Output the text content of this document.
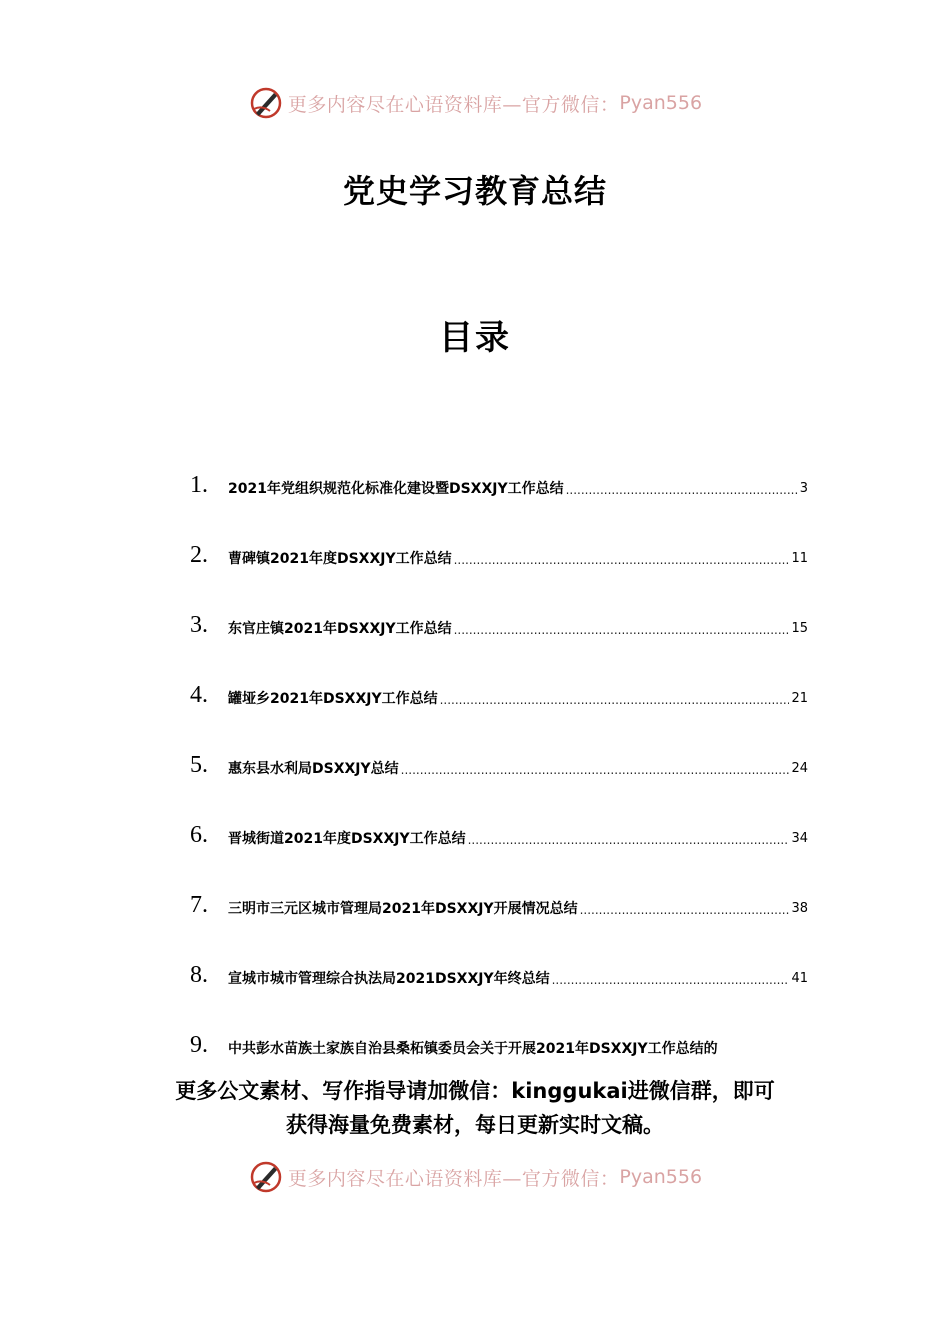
更多内容尽在心语资料库—官方微信： Pyan556
党史学习教育总结
目录
1.	2021年党组织规范化标准化建设暨DSXXJY工作总结 .....	3
2.	曹碑镇2021年度DSXXJY工作总结 .....	11
3.	东官庄镇2021年DSXXJY工作总结 .....	15
4.	罐垭乡2021年DSXXJY工作总结 .....	21
5.	惠东县水利局DSXXJY总结 .....	24
6.	晋城街道2021年度DSXXJY工作总结 .....	34
7.	三明市三元区城市管理局2021年DSXXJY开展情况总结 .....	38
8.	宣城市城市管理综合执法局2021DSXXJY年终总结 .....	41
9.	中共彭水苗族土家族自治县桑柘镇委员会关于开展2021年DSXXJY工作总结的
更多公文素材、写作指导请加微信：kinggukai进微信群，即可
获得海量免费素材，每日更新实时文稿。
更多内容尽在心语资料库—官方微信： Pyan556
